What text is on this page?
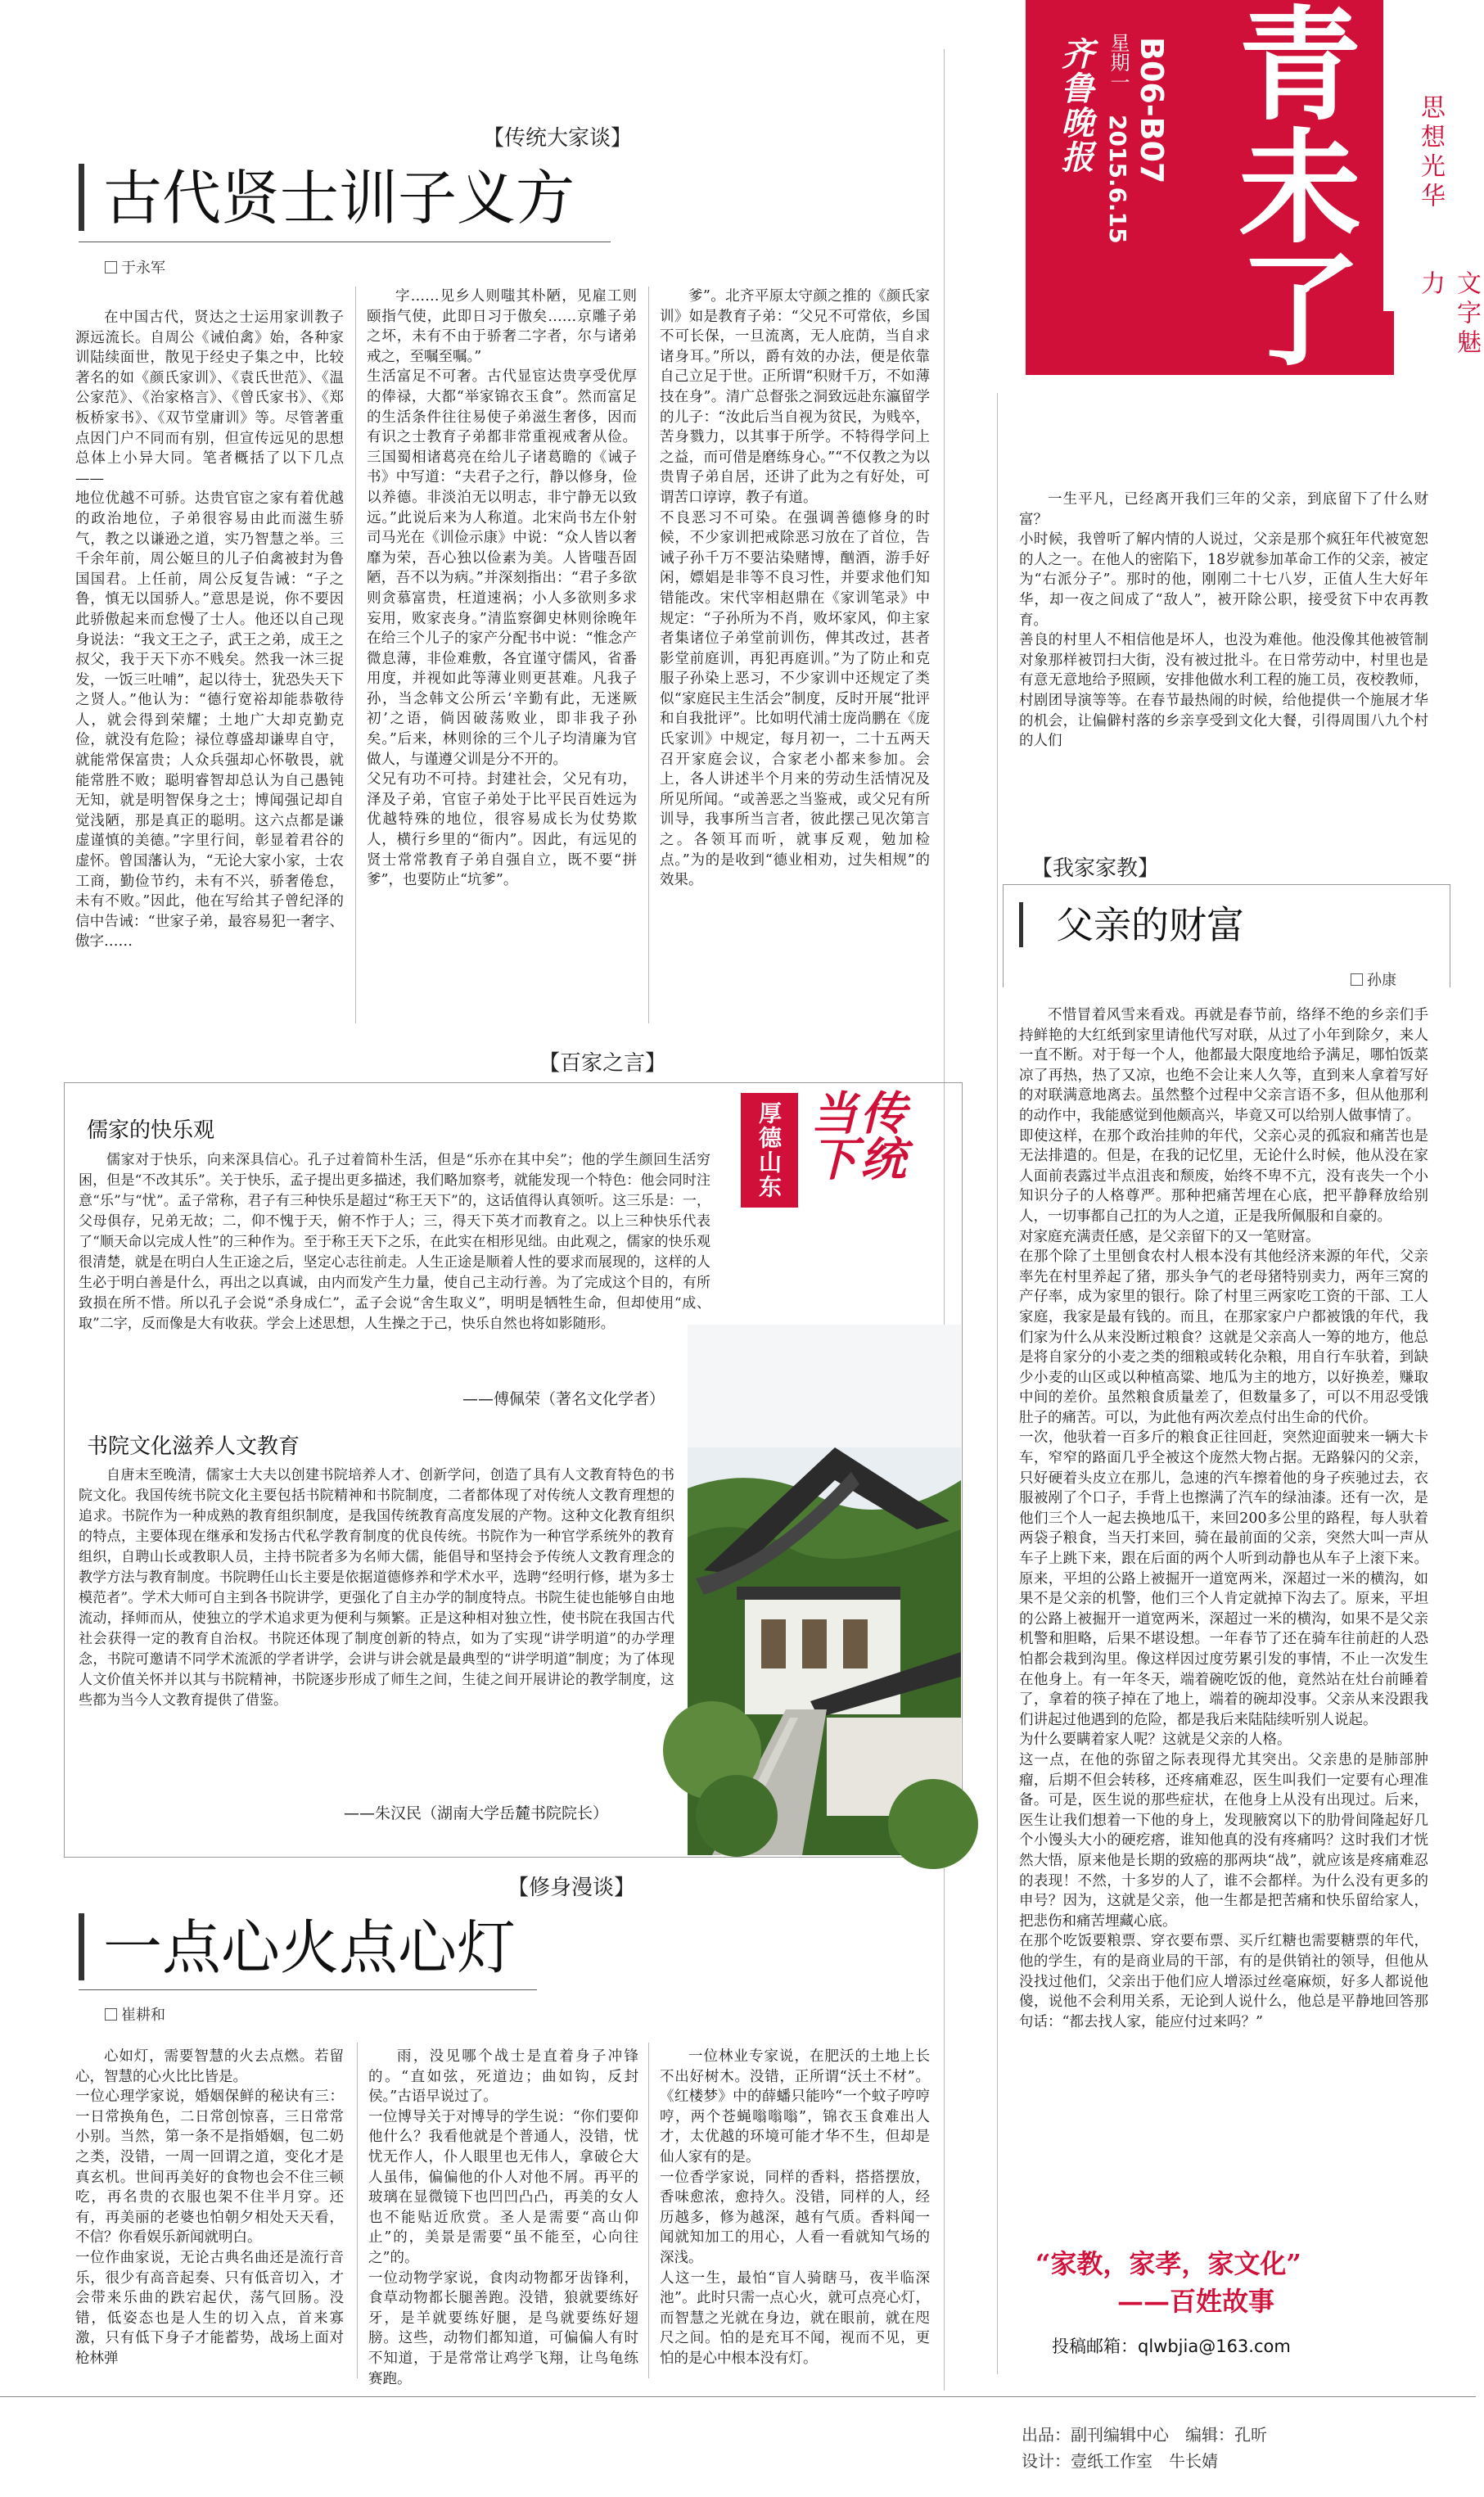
青未了
齐鲁晚报 星期一
2015.6.15 B06-B07	思想光华
文字魅力
【传统大家谈】
古代贤士训子义方
于永军
在中国古代，贤达之士运用家训教子源远流长。自周公《诫伯禽》始，各种家训陆续面世，散见于经史子集之中，比较著名的如《颜氏家训》、《袁氏世范》、《温公家范》、《治家格言》、《曾氏家书》、《郑板桥家书》、《双节堂庸训》等。尽管著重点因门户不同而有别，但宣传远见的思想总体上小异大同。笔者概括了以下几点——
地位优越不可骄。达贵官宦之家有着优越的政治地位，子弟很容易由此而滋生骄气，教之以谦逊之道，实乃智慧之举。三千余年前，周公姬旦的儿子伯禽被封为鲁国国君。上任前，周公反复告诫：“子之鲁，慎无以国骄人。”意思是说，你不要因此骄傲起来而怠慢了士人。他还以自己现身说法：“我文王之子，武王之弟，成王之叔父，我于天下亦不贱矣。然我一沐三捉发，一饭三吐哺”，起以待士，犹恐失天下之贤人。”他认为：“德行宽裕却能恭敬待人，就会得到荣耀；土地广大却克勤克俭，就没有危险；禄位尊盛却谦卑自守，就能常保富贵；人众兵强却心怀敬畏，就能常胜不败；聪明睿智却总认为自己愚钝无知，就是明智保身之士；博闻强记却自觉浅陋，那是真正的聪明。这六点都是谦虚谨慎的美德。”字里行间，彰显着君谷的虚怀。曾国藩认为，“无论大家小家，士农工商，勤俭节约，未有不兴，骄奢倦怠，未有不败。”因此，他在写给其子曾纪泽的信中告诫：“世家子弟，最容易犯一奢字、傲字……
字……见乡人则嗤其朴陋，见雇工则颐指气使，此即日习于傲矣……京雕子弟之坏，未有不由于骄奢二字者，尔与诸弟戒之，至嘱至嘱。”
生活富足不可奢。古代显宦达贵享受优厚的俸禄，大都“举家锦衣玉食”。然而富足的生活条件往往易使子弟滋生奢侈，因而有识之士教育子弟都非常重视戒奢从俭。三国蜀相诸葛亮在给儿子诸葛瞻的《诫子书》中写道：“夫君子之行，静以修身，俭以养德。非淡泊无以明志，非宁静无以致远。”此说后来为人称道。北宋尚书左仆射司马光在《训俭示康》中说：“众人皆以奢靡为荣，吾心独以俭素为美。人皆嗤吾固陋，吾不以为病。”并深刻指出：“君子多欲则贪慕富贵，枉道速祸；小人多欲则多求妄用，败家丧身。”清监察御史林则徐晚年在给三个儿子的家产分配书中说：“惟念产微息薄，非俭难敷，各宜谨守儒风，省番用度，并视如此等薄业则更甚难。凡我子孙，当念韩文公所云‘辛勤有此，无迷厥初’之语，倘因破荡败业，即非我子孙矣。”后来，林则徐的三个儿子均清廉为官做人，与谨遵父训是分不开的。
父兄有功不可持。封建社会，父兄有功，泽及子弟，官宦子弟处于比平民百姓远为优越特殊的地位，很容易成长为仗势欺人，横行乡里的“衙内”。因此，有远见的贤士常常教育子弟自强自立，既不要“拼爹”，也要防止“坑爹”。
爹”。北齐平原太守颜之推的《颜氏家训》如是教育子弟：“父兄不可常依，乡国不可长保，一旦流离，无人庇荫，当自求诸身耳。”所以，爵有效的办法，便是依靠自己立足于世。正所谓“积财千万，不如薄技在身”。清广总督张之洞致远赴东瀛留学的儿子：“汝此后当自视为贫民，为贱卒，苦身戮力，以其事于所学。不特得学问上之益，而可借是磨练身心。”“不仅教之为以贵冑子弟自居，还讲了此为之有好处，可谓苦口谆谆，教子有道。
不良恶习不可染。在强调善德修身的时候，不少家训把戒除恶习放在了首位，告诫子孙千万不要沾染赌博，酗酒，游手好闲，嫖娼是非等不良习性，并要求他们知错能改。宋代宰相赵鼎在《家训笔录》中规定：“子孙所为不肖，败坏家风，仰主家者集诸位子弟堂前训伤，俾其改过，甚者影堂前庭训，再犯再庭训。”为了防止和克服子孙染上恶习，不少家训中还规定了类似“家庭民主生活会”制度，反时开展“批评和自我批评”。比如明代浦士庞尚鹏在《庞氏家训》中规定，每月初一，二十五两天召开家庭会议，合家老小都来参加。会上，各人讲述半个月来的劳动生活情况及所见所闻。“或善恶之当鉴戒，或父兄有所训导，我事所当言者，彼此摆己见次第言之。各领耳而听，就事反观，勉加检点。”为的是收到“德业相劝，过失相规”的效果。
【百家之言】
厚德山东	传统当下
儒家的快乐观
儒家对于快乐，向来深具信心。孔子过着简朴生活，但是“乐亦在其中矣”；他的学生颜回生活穷困，但是“不改其乐”。关于快乐，孟子提出更多描述，我们略加察考，就能发现一个特色：他会同时注意“乐”与“忧”。孟子常称，君子有三种快乐是超过“称王天下”的，这话值得认真领听。这三乐是：一，父母俱存，兄弟无故；二，仰不愧于天，俯不怍于人；三，得天下英才而教育之。以上三种快乐代表了“顺天命以完成人性”的三种作为。至于称王天下之乐，在此实在相形见绌。由此观之，儒家的快乐观很清楚，就是在明白人生正途之后，坚定心志往前走。人生正途是顺着人性的要求而展现的，这样的人生必于明白善是什么，再出之以真诚，由内而发产生力量，使自己主动行善。为了完成这个目的，有所致损在所不惜。所以孔子会说“杀身成仁”，孟子会说“舍生取义”，明明是牺牲生命，但却使用“成、取”二字，反而像是大有收获。学会上述思想，人生操之于己，快乐自然也将如影随形。
——傅佩荣（著名文化学者）
书院文化滋养人文教育
自唐末至晚清，儒家士大夫以创建书院培养人才、创新学问，创造了具有人文教育特色的书院文化。我国传统书院文化主要包括书院精神和书院制度，二者都体现了对传统人文教育理想的追求。书院作为一种成熟的教育组织制度，是我国传统教育高度发展的产物。这种文化教育组织的特点，主要体现在继承和发扬古代私学教育制度的优良传统。书院作为一种官学系统外的教育组织，自聘山长或教职人员，主持书院者多为名师大儒，能倡导和坚持会予传统人文教育理念的教学方法与教育制度。书院聘任山长主要是依据道德修养和学术水平，选聘“经明行修，堪为多士模范者”。学术大师可自主到各书院讲学，更强化了自主办学的制度特点。书院生徒也能够自由地流动，择师而从，使独立的学术追求更为便利与频繁。正是这种相对独立性，使书院在我国古代社会获得一定的教育自治权。书院还体现了制度创新的特点，如为了实现“讲学明道”的办学理念，书院可邀请不同学术流派的学者讲学，会讲与讲会就是最典型的“讲学明道”制度；为了体现人文价值关怀并以其与书院精神，书院逐步形成了师生之间，生徒之间开展讲论的教学制度，这些都为当今人文教育提供了借鉴。
——朱汉民（湖南大学岳麓书院院长）
【修身漫谈】
一点心火点心灯
崔耕和
心如灯，需要智慧的火去点燃。若留心，智慧的心火比比皆是。
一位心理学家说，婚姻保鲜的秘诀有三：一日常换角色，二日常创惊喜，三日常常小别。当然，第一条不是指婚姻，包二奶之类，没错，一周一回谓之道，变化才是真玄机。世间再美好的食物也会不住三顿吃，再名贵的衣服也架不住半月穿。还有，再美丽的老婆也怕朝夕相处天天看，不信？你看娱乐新闻就明白。
一位作曲家说，无论古典名曲还是流行音乐，很少有高音起奏、只有低音切入，才会带来乐曲的跌宕起伏，荡气回肠。没错，低姿态也是人生的切入点，首来寡激，只有低下身子才能蓄势，战场上面对枪林弹
雨，没见哪个战士是直着身子冲锋的。“直如弦，死道边；曲如钩，反封侯。”古语早说过了。
一位博导关于对博导的学生说：“你们要仰他什么？我看他就是个普通人，没错，忧忧无作人，仆人眼里也无伟人，拿破仑大人虽伟，偏偏他的仆人对他不屑。再平的玻璃在显微镜下也凹凹凸凸，再美的女人也不能贴近欣赏。圣人是需要“高山仰止”的，美景是需要“虽不能至，心向往之”的。
一位动物学家说，食肉动物都牙齿锋利，食草动物都长腿善跑。没错，狼就要练好牙，是羊就要练好腿，是鸟就要练好翅膀。这些，动物们都知道，可偏偏人有时不知道，于是常常让鸡学飞翔，让鸟龟练赛跑。
一位林业专家说，在肥沃的土地上长不出好树木。没错，正所谓“沃土不材”。《红楼梦》中的薛蟠只能吟“一个蚊子哼哼哼，两个苍蝇嗡嗡嗡”，锦衣玉食难出人才，太优越的环境可能才华不生，但却是仙人家有的是。
一位香学家说，同样的香料，搭搭摆放，香味愈浓，愈持久。没错，同样的人，经历越多，修为越深，越有气质。香料闻一闻就知加工的用心，人看一看就知气场的深浅。
人这一生，最怕“盲人骑瞎马，夜半临深池”。此时只需一点心火，就可点亮心灯，而智慧之光就在身边，就在眼前，就在咫尺之间。怕的是充耳不闻，视而不见，更怕的是心中根本没有灯。
一生平凡，已经离开我们三年的父亲，到底留下了什么财富？
小时候，我曾听了解内情的人说过，父亲是那个疯狂年代被宽恕的人之一。在他人的密陷下，18岁就参加革命工作的父亲，被定为“右派分子”。那时的他，刚刚二十七八岁，正值人生大好年华，却一夜之间成了“敌人”，被开除公职，接受贫下中农再教育。
善良的村里人不相信他是坏人，也没为难他。他没像其他被管制对象那样被罚扫大街，没有被过批斗。在日常劳动中，村里也是有意无意地给予照顾，安排他做水利工程的施工员，夜校教师，村剧团导演等等。在春节最热闹的时候，给他提供一个施展才华的机会，让偏僻村落的乡亲享受到文化大餐，引得周围八九个村的人们
【我家家教】
父亲的财富
孙康
不惜冒着风雪来看戏。再就是春节前，络绎不绝的乡亲们手持鲜艳的大红纸到家里请他代写对联，从过了小年到除夕，来人一直不断。对于每一个人，他都最大限度地给予满足，哪怕饭菜凉了再热，热了又凉，也绝不会让来人久等，直到来人拿着写好的对联满意地离去。虽然整个过程中父亲言语不多，但从他那利的动作中，我能感觉到他颇高兴，毕竟又可以给别人做事情了。
即使这样，在那个政治挂帅的年代，父亲心灵的孤寂和痛苦也是无法排遣的。但是，在我的记忆里，无论什么时候，他从没在家人面前表露过半点沮丧和颓废，始终不卑不亢，没有丧失一个小知识分子的人格尊严。那种把痛苦埋在心底，把平静释放给别人，一切事都自己扛的为人之道，正是我所佩服和自豪的。
对家庭充满责任感，是父亲留下的又一笔财富。
在那个除了土里刨食农村人根本没有其他经济来源的年代，父亲率先在村里养起了猪，那头争气的老母猪特别卖力，两年三窝的产仔率，成为家里的银行。除了村里三两家吃工资的干部、工人家庭，我家是最有钱的。而且，在那家家户户都被饿的年代，我们家为什么从来没断过粮食？这就是父亲高人一筹的地方，他总是将自家分的小麦之类的细粮或转化杂粮，用自行车驮着，到缺少小麦的山区或以种植高粱、地瓜为主的地方，以好换差，赚取中间的差价。虽然粮食质量差了，但数量多了，可以不用忍受饿肚子的痛苦。可以，为此他有两次差点付出生命的代价。
一次，他驮着一百多斤的粮食正往回赶，突然迎面驶来一辆大卡车，窄窄的路面几乎全被这个庞然大物占据。无路躲闪的父亲，只好硬着头皮立在那儿，急速的汽车擦着他的身子疾驰过去，衣服被剐了个口子，手背上也擦满了汽车的绿油漆。还有一次，是他们三个人一起去换地瓜干，来回200多公里的路程，每人驮着两袋子粮食，当天打来回，骑在最前面的父亲，突然大叫一声从车子上跳下来，跟在后面的两个人听到动静也从车子上滚下来。原来，平坦的公路上被掘开一道宽两米，深超过一米的横沟，如果不是父亲的机警，他们三个人肯定就掉下沟去了。原来，平坦的公路上被掘开一道宽两米，深超过一米的横沟，如果不是父亲机警和胆略，后果不堪设想。一年春节了还在骑车往前赶的人恐怕都会栽到沟里。像这样因过度劳累引发的事情，不止一次发生在他身上。有一年冬天，端着碗吃饭的他，竟然站在灶台前睡着了，拿着的筷子掉在了地上，端着的碗却没事。父亲从来没跟我们讲起过他遇到的危险，都是我后来陆陆续听别人说起。
为什么要瞒着家人呢？这就是父亲的人格。
这一点，在他的弥留之际表现得尤其突出。父亲患的是肺部肿瘤，后期不但会转移，还疼痛难忍，医生叫我们一定要有心理准备。可是，医生说的那些症状，在他身上从没有出现过。后来，医生让我们想着一下他的身上，发现腋窝以下的肋骨间隆起好几个小馒头大小的硬疙瘩，谁知他真的没有疼痛吗？这时我们才恍然大悟，原来他是长期的致癌的那两块“战”，就应该是疼痛难忍的表现！不然，十多岁的人了，谁不会都样。为什么没有更多的申号？因为，这就是父亲，他一生都是把苦痛和快乐留给家人，把悲伤和痛苦埋藏心底。
在那个吃饭要粮票、穿衣要布票、买斤红糖也需要糖票的年代，他的学生，有的是商业局的干部，有的是供销社的领导，但他从没找过他们，父亲出于他们应人增添过丝毫麻烦，好多人都说他傻，说他不会利用关系，无论到人说什么，他总是平静地回答那句话：“都去找人家，能应付过来吗？”
“家教，家孝，家文化”
——百姓故事
投稿邮箱：qlwbjia@163.com
出品：副刊编辑中心　编辑：孔昕
设计：壹纸工作室　牛长婧
